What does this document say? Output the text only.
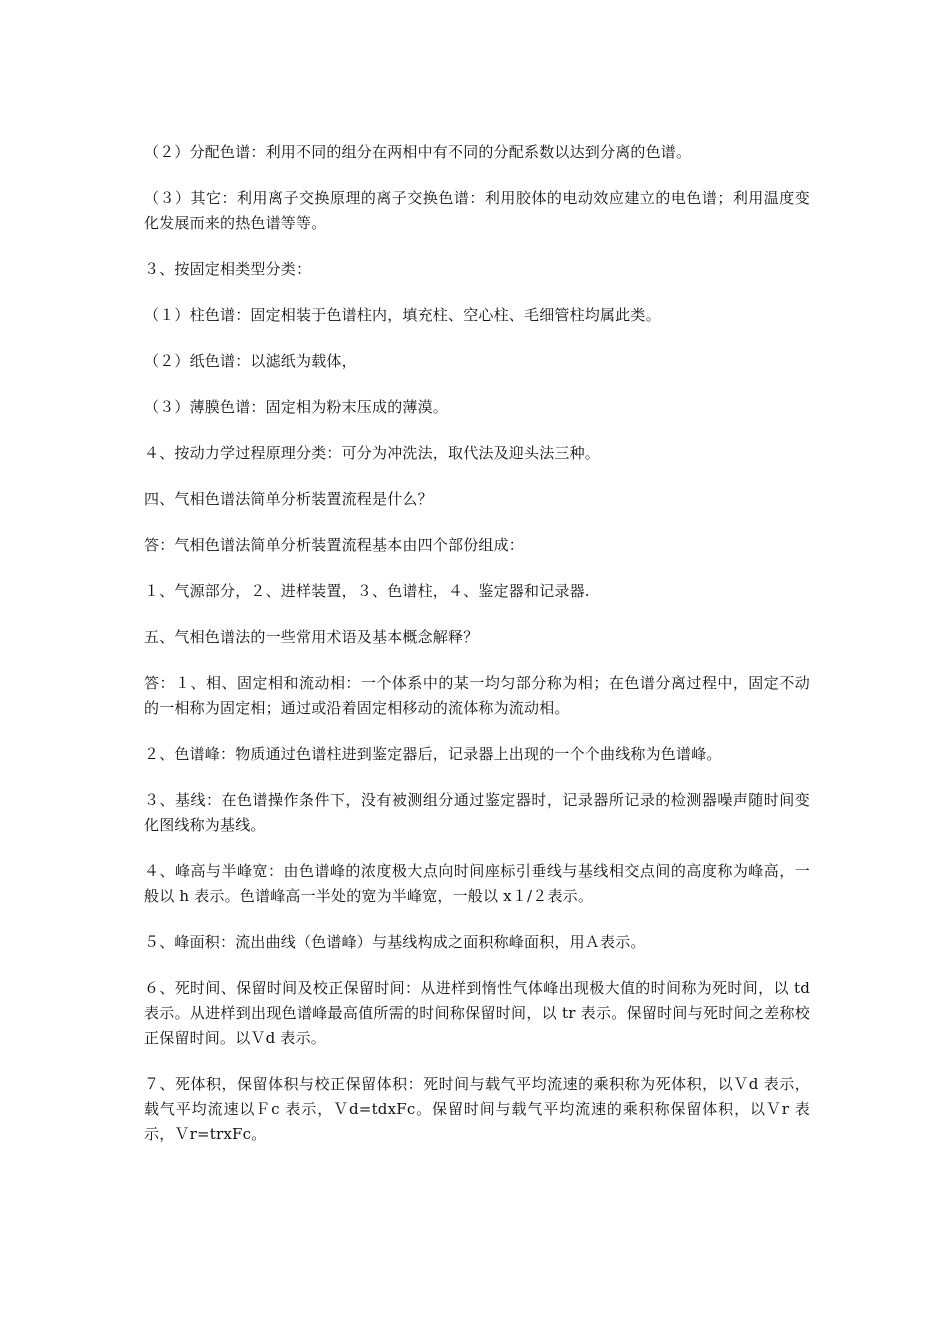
（２）分配色谱：利用不同的组分在两相中有不同的分配系数以达到分离的色谱。

（３）其它：利用离子交换原理的离子交换色谱：利用胶体的电动效应建立的电色谱；利用温度变化发展而来的热色谱等等。

３、按固定相类型分类：

（１）柱色谱：固定相装于色谱柱内，填充柱、空心柱、毛细管柱均属此类。

（２）纸色谱：以滤纸为载体，

（３）薄膜色谱：固定相为粉末压成的薄漠。

４、按动力学过程原理分类：可分为冲洗法，取代法及迎头法三种。

四、气相色谱法简单分析装置流程是什么？

答：气相色谱法简单分析装置流程基本由四个部份组成：

１、气源部分，２、进样装置，３、色谱柱，４、鉴定器和记录器.

五、气相色谱法的一些常用术语及基本概念解释？

答：１、相、固定相和流动相：一个体系中的某一均匀部分称为相；在色谱分离过程中，固定不动的一相称为固定相；通过或沿着固定相移动的流体称为流动相。

２、色谱峰：物质通过色谱柱进到鉴定器后，记录器上出现的一个个曲线称为色谱峰。

３、基线：在色谱操作条件下，没有被测组分通过鉴定器时，记录器所记录的检测器噪声随时间变化图线称为基线。

４、峰高与半峰宽：由色谱峰的浓度极大点向时间座标引垂线与基线相交点间的高度称为峰高，一般以 h 表示。色谱峰高一半处的宽为半峰宽，一般以 x１/２表示。

５、峰面积：流出曲线（色谱峰）与基线构成之面积称峰面积，用Ａ表示。

６、死时间、保留时间及校正保留时间：从进样到惰性气体峰出现极大值的时间称为死时间，以 td 表示。从进样到出现色谱峰最高值所需的时间称保留时间，以 tr 表示。保留时间与死时间之差称校正保留时间。以Ｖd 表示。

７、死体积，保留体积与校正保留体积：死时间与载气平均流速的乘积称为死体积，以Ｖd 表示，载气平均流速以Ｆc 表示，Ｖd=tdxFc。保留时间与载气平均流速的乘积称保留体积，以Ｖr 表示，Ｖr=trxFc。
